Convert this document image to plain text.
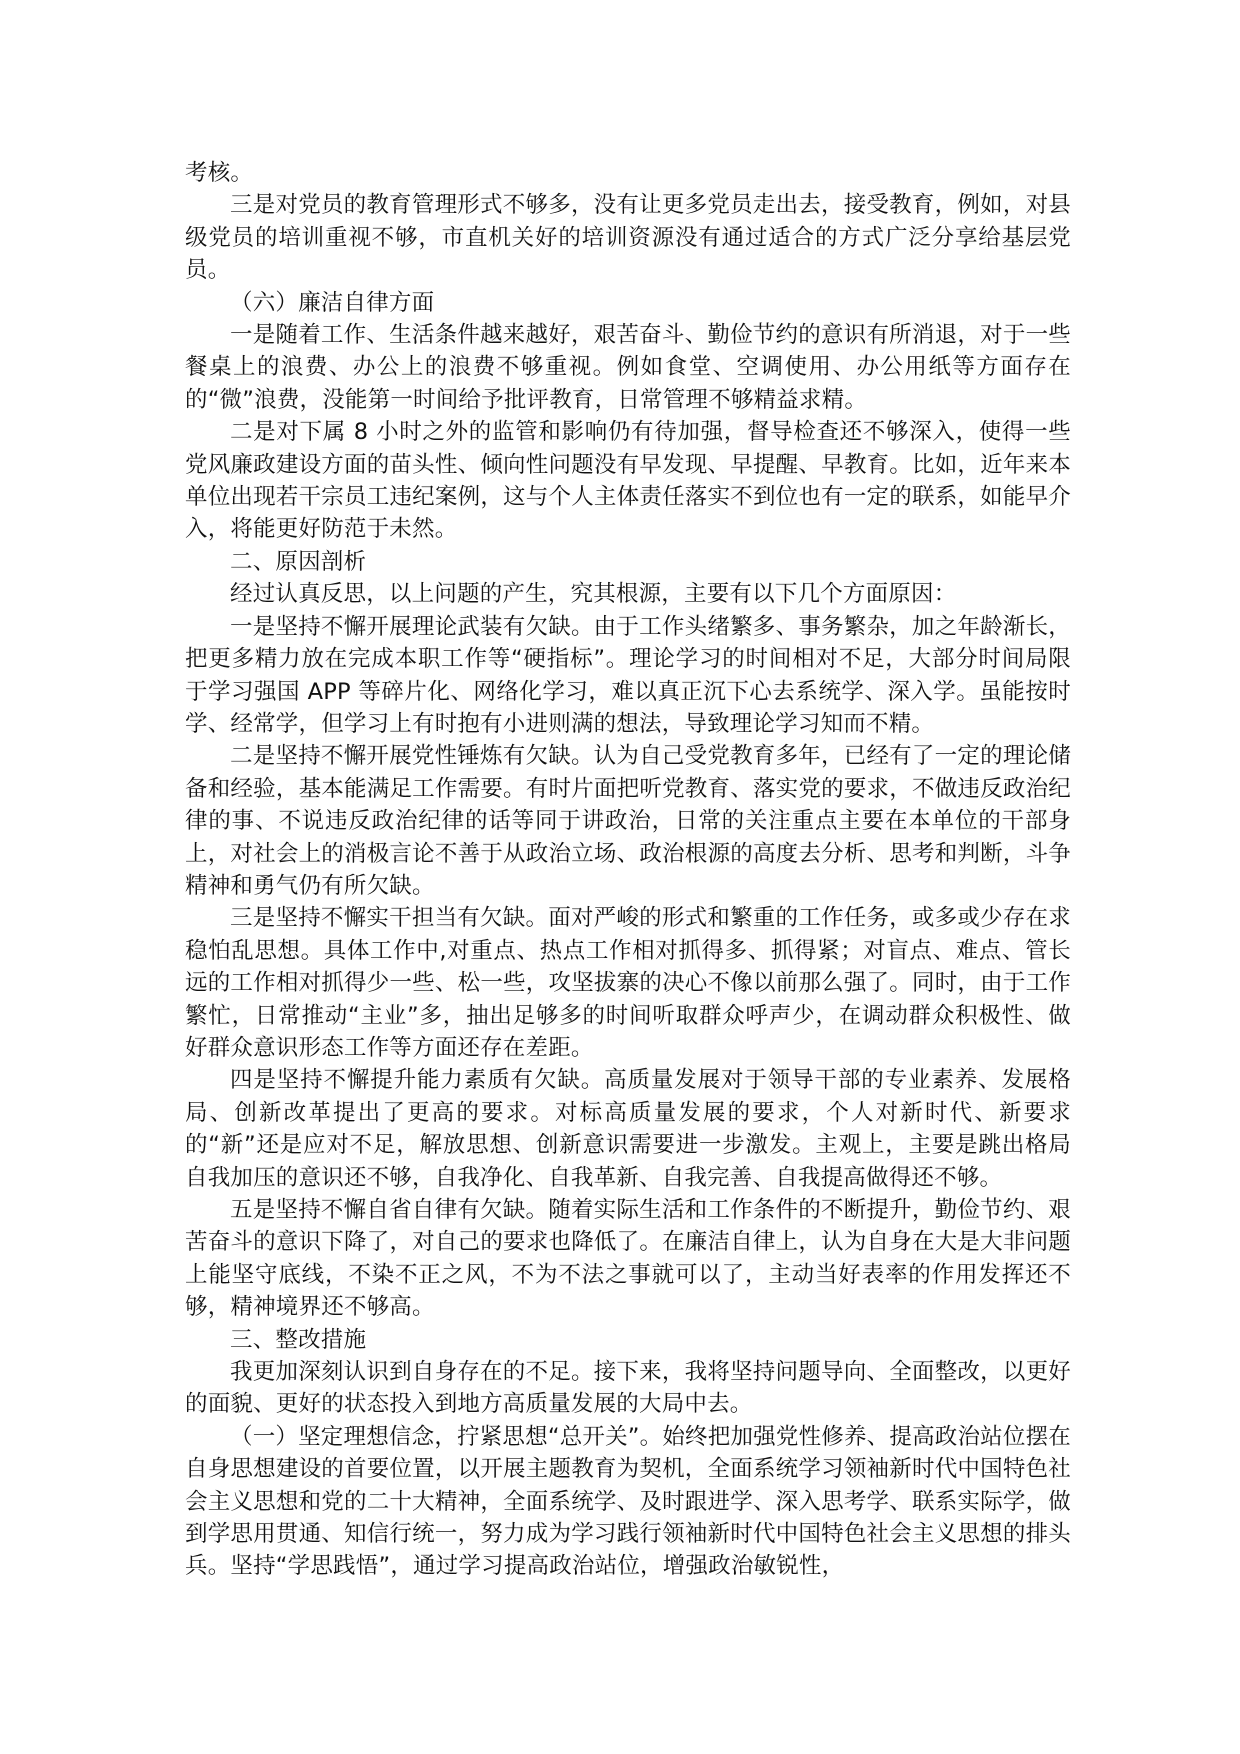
考核。

三是对党员的教育管理形式不够多，没有让更多党员走出去，接受教育，例如，对县级党员的培训重视不够，市直机关好的培训资源没有通过适合的方式广泛分享给基层党员。

（六）廉洁自律方面

一是随着工作、生活条件越来越好，艰苦奋斗、勤俭节约的意识有所消退，对于一些餐桌上的浪费、办公上的浪费不够重视。例如食堂、空调使用、办公用纸等方面存在的“微”浪费，没能第一时间给予批评教育，日常管理不够精益求精。

二是对下属 8 小时之外的监管和影响仍有待加强，督导检查还不够深入，使得一些党风廉政建设方面的苗头性、倾向性问题没有早发现、早提醒、早教育。比如，近年来本单位出现若干宗员工违纪案例，这与个人主体责任落实不到位也有一定的联系，如能早介入，将能更好防范于未然。

二、原因剖析

经过认真反思，以上问题的产生，究其根源，主要有以下几个方面原因：

一是坚持不懈开展理论武装有欠缺。由于工作头绪繁多、事务繁杂，加之年龄渐长，把更多精力放在完成本职工作等“硬指标”。理论学习的时间相对不足，大部分时间局限于学习强国 APP 等碎片化、网络化学习，难以真正沉下心去系统学、深入学。虽能按时学、经常学，但学习上有时抱有小进则满的想法，导致理论学习知而不精。

二是坚持不懈开展党性锤炼有欠缺。认为自己受党教育多年，已经有了一定的理论储备和经验，基本能满足工作需要。有时片面把听党教育、落实党的要求，不做违反政治纪律的事、不说违反政治纪律的话等同于讲政治，日常的关注重点主要在本单位的干部身上，对社会上的消极言论不善于从政治立场、政治根源的高度去分析、思考和判断，斗争精神和勇气仍有所欠缺。

三是坚持不懈实干担当有欠缺。面对严峻的形式和繁重的工作任务，或多或少存在求稳怕乱思想。具体工作中,对重点、热点工作相对抓得多、抓得紧；对盲点、难点、管长远的工作相对抓得少一些、松一些，攻坚拔寨的决心不像以前那么强了。同时，由于工作繁忙，日常推动“主业”多，抽出足够多的时间听取群众呼声少，在调动群众积极性、做好群众意识形态工作等方面还存在差距。

四是坚持不懈提升能力素质有欠缺。高质量发展对于领导干部的专业素养、发展格局、创新改革提出了更高的要求。对标高质量发展的要求，个人对新时代、新要求的“新”还是应对不足，解放思想、创新意识需要进一步激发。主观上，主要是跳出格局自我加压的意识还不够，自我净化、自我革新、自我完善、自我提高做得还不够。

五是坚持不懈自省自律有欠缺。随着实际生活和工作条件的不断提升，勤俭节约、艰苦奋斗的意识下降了，对自己的要求也降低了。在廉洁自律上，认为自身在大是大非问题上能坚守底线，不染不正之风，不为不法之事就可以了，主动当好表率的作用发挥还不够，精神境界还不够高。

三、整改措施

我更加深刻认识到自身存在的不足。接下来，我将坚持问题导向、全面整改，以更好的面貌、更好的状态投入到地方高质量发展的大局中去。

（一）坚定理想信念，拧紧思想“总开关”。始终把加强党性修养、提高政治站位摆在自身思想建设的首要位置，以开展主题教育为契机，全面系统学习领袖新时代中国特色社会主义思想和党的二十大精神，全面系统学、及时跟进学、深入思考学、联系实际学，做到学思用贯通、知信行统一，努力成为学习践行领袖新时代中国特色社会主义思想的排头兵。坚持“学思践悟”，通过学习提高政治站位，增强政治敏锐性，
